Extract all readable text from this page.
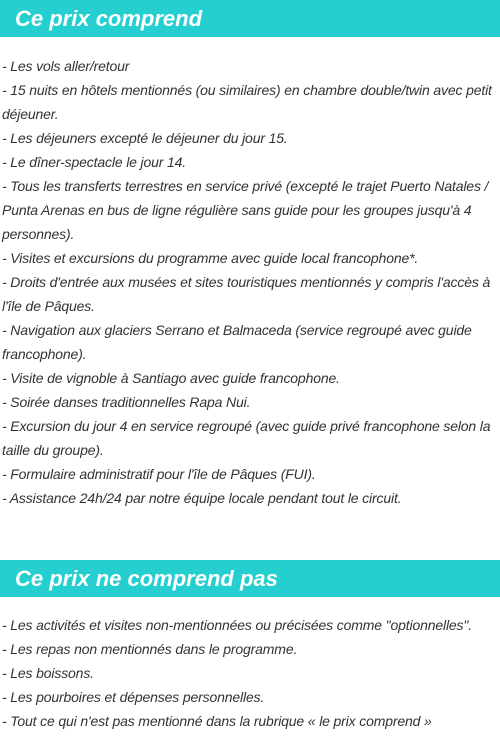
Ce prix comprend
- Les vols aller/retour
- 15 nuits en hôtels mentionnés (ou similaires) en chambre double/twin avec petit déjeuner.
- Les déjeuners excepté le déjeuner du jour 15.
- Le dîner-spectacle le jour 14.
- Tous les transferts terrestres en service privé (excepté le trajet Puerto Natales / Punta Arenas en bus de ligne régulière sans guide pour les groupes jusqu'à 4 personnes).
- Visites et excursions du programme avec guide local francophone*.
- Droits d'entrée aux musées et sites touristiques mentionnés y compris l'accès à l'île de Pâques.
- Navigation aux glaciers Serrano et Balmaceda (service regroupé avec guide francophone).
- Visite de vignoble à Santiago avec guide francophone.
- Soirée danses traditionnelles Rapa Nui.
- Excursion du jour 4 en service regroupé (avec guide privé francophone selon la taille du groupe).
- Formulaire administratif pour l'île de Pâques (FUI).
- Assistance 24h/24 par notre équipe locale pendant tout le circuit.
Ce prix ne comprend pas
- Les activités et visites non-mentionnées ou précisées comme "optionnelles".
- Les repas non mentionnés dans le programme.
- Les boissons.
- Les pourboires et dépenses personnelles.
- Tout ce qui n'est pas mentionné dans la rubrique « le prix comprend »
